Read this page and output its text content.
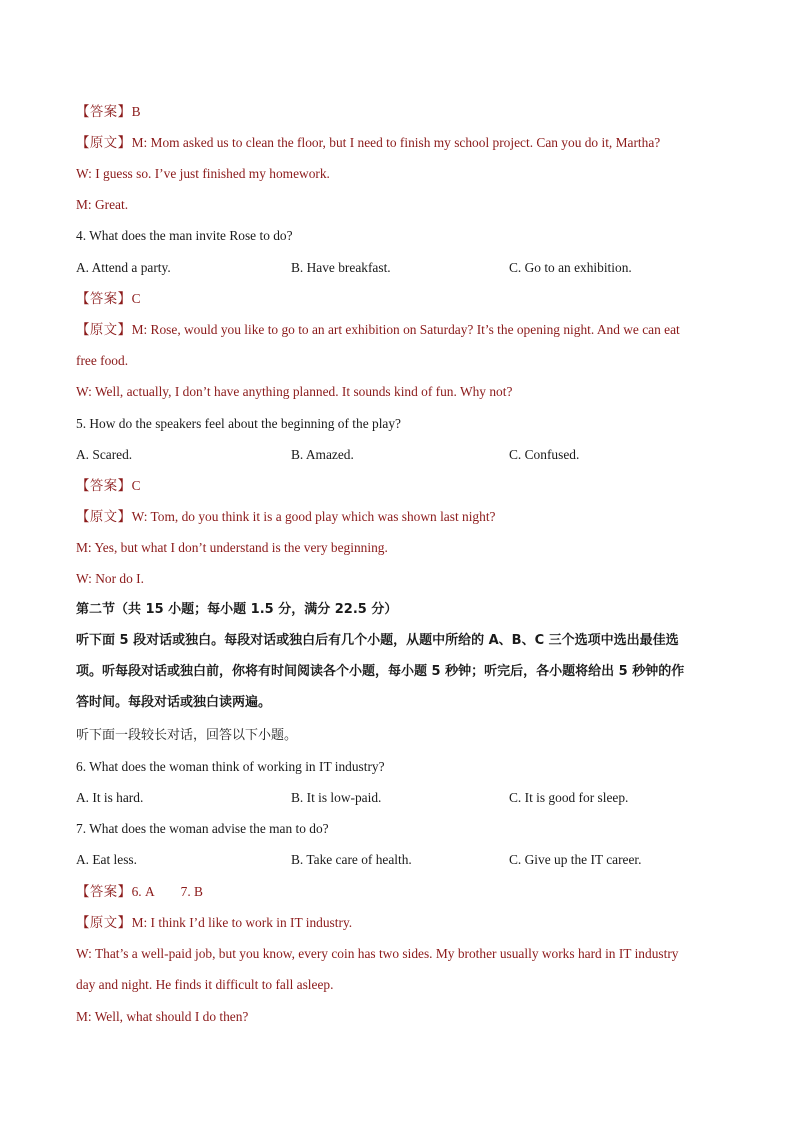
【答案】B
【原文】M: Mom asked us to clean the floor, but I need to finish my school project. Can you do it, Martha?
W: I guess so. I’ve just finished my homework.
M: Great.
4. What does the man invite Rose to do?
A. Attend a party.	B. Have breakfast.	C. Go to an exhibition.
【答案】C
【原文】M: Rose, would you like to go to an art exhibition on Saturday? It’s the opening night. And we can eat
free food.
W: Well, actually, I don’t have anything planned. It sounds kind of fun. Why not?
5. How do the speakers feel about the beginning of the play?
A. Scared.	B. Amazed.	C. Confused.
【答案】C
【原文】W: Tom, do you think it is a good play which was shown last night?
M: Yes, but what I don’t understand is the very beginning.
W: Nor do I.
第二节（共 15 小题；每小题 1.5 分，满分 22.5 分）
听下面 5 段对话或独白。每段对话或独白后有几个小题，从题中所给的 A、B、C 三个选项中选出最佳选
项。听每段对话或独白前，你将有时间阅读各个小题，每小题 5 秒钟；听完后，各小题将给出 5 秒钟的作
答时间。每段对话或独白读两遍。
听下面一段较长对话，回答以下小题。
6. What does the woman think of working in IT industry?
A. It is hard.	B. It is low-paid.	C. It is good for sleep.
7. What does the woman advise the man to do?
A. Eat less.	B. Take care of health.	C. Give up the IT career.
【答案】6. A        7. B
【原文】M: I think I’d like to work in IT industry.
W: That’s a well-paid job, but you know, every coin has two sides. My brother usually works hard in IT industry
day and night. He finds it difficult to fall asleep.
M: Well, what should I do then?
